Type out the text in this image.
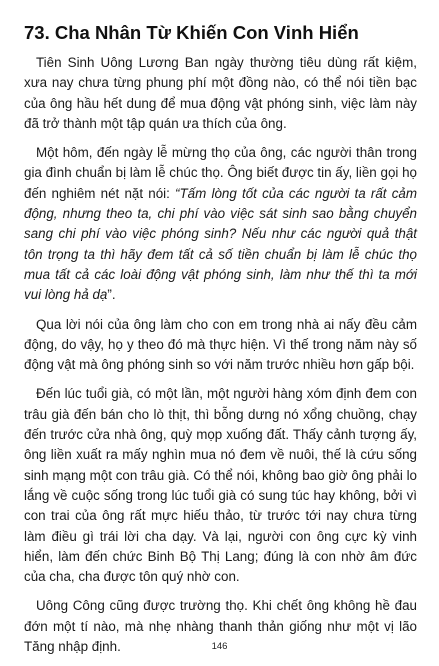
73. Cha Nhân Từ Khiến Con Vinh Hiển

Tiên Sinh Uông Lương Ban ngày thường tiêu dùng rất kiệm, xưa nay chưa từng phung phí một đồng nào, có thể nói tiền bạc của ông hầu hết dung để mua động vật phóng sinh, việc làm này đã trở thành một tập quán ưa thích của ông.

Một hôm, đến ngày lễ mừng thọ của ông, các người thân trong gia đình chuẩn bị làm lễ chúc thọ. Ông biết được tin ấy, liền gọi họ đến nghiêm nét nặt nói: “Tấm lòng tốt của các người ta rất cảm động, nhưng theo ta, chi phí vào việc sát sinh sao bằng chuyển sang chi phí vào việc phóng sinh? Nếu như các người quả thật tôn trọng ta thì hãy đem tất cả số tiền chuẩn bị làm lễ chúc thọ mua tất cả các loài động vật phóng sinh, làm như thế thì ta mới vui lòng hả dạ”.

Qua lời nói của ông làm cho con em trong nhà ai nấy đều cảm động, do vậy, họ y theo đó mà thực hiện. Vì thế trong năm này số động vật mà ông phóng sinh so với năm trước nhiều hơn gấp bội.

Đến lúc tuổi già, có một lần, một người hàng xóm định đem con trâu già đến bán cho lò thịt, thì bỗng dưng nó xổng chuồng, chạy đến trước cửa nhà ông, quỳ mọp xuống đất. Thấy cảnh tượng ấy, ông liền xuất ra mấy nghìn mua nó đem về nuôi, thế là cứu sống sinh mạng một con trâu già. Có thể nói, không bao giờ ông phải lo lắng về cuộc sống trong lúc tuổi già có sung túc hay không, bởi vì con trai của ông rất mực hiếu thảo, từ trước tới nay chưa từng làm điều gì trái lời cha dạy. Và lại, người con ông cực kỳ vinh hiển, làm đến chức Binh Bộ Thị Lang; đúng là con nhờ âm đức của cha, cha được tôn quý nhờ con.

Uông Công cũng được trường thọ. Khi chết ông không hề đau đớn một tí nào, mà nhẹ nhàng thanh thản giống như một vị lão Tăng nhập định.	146
